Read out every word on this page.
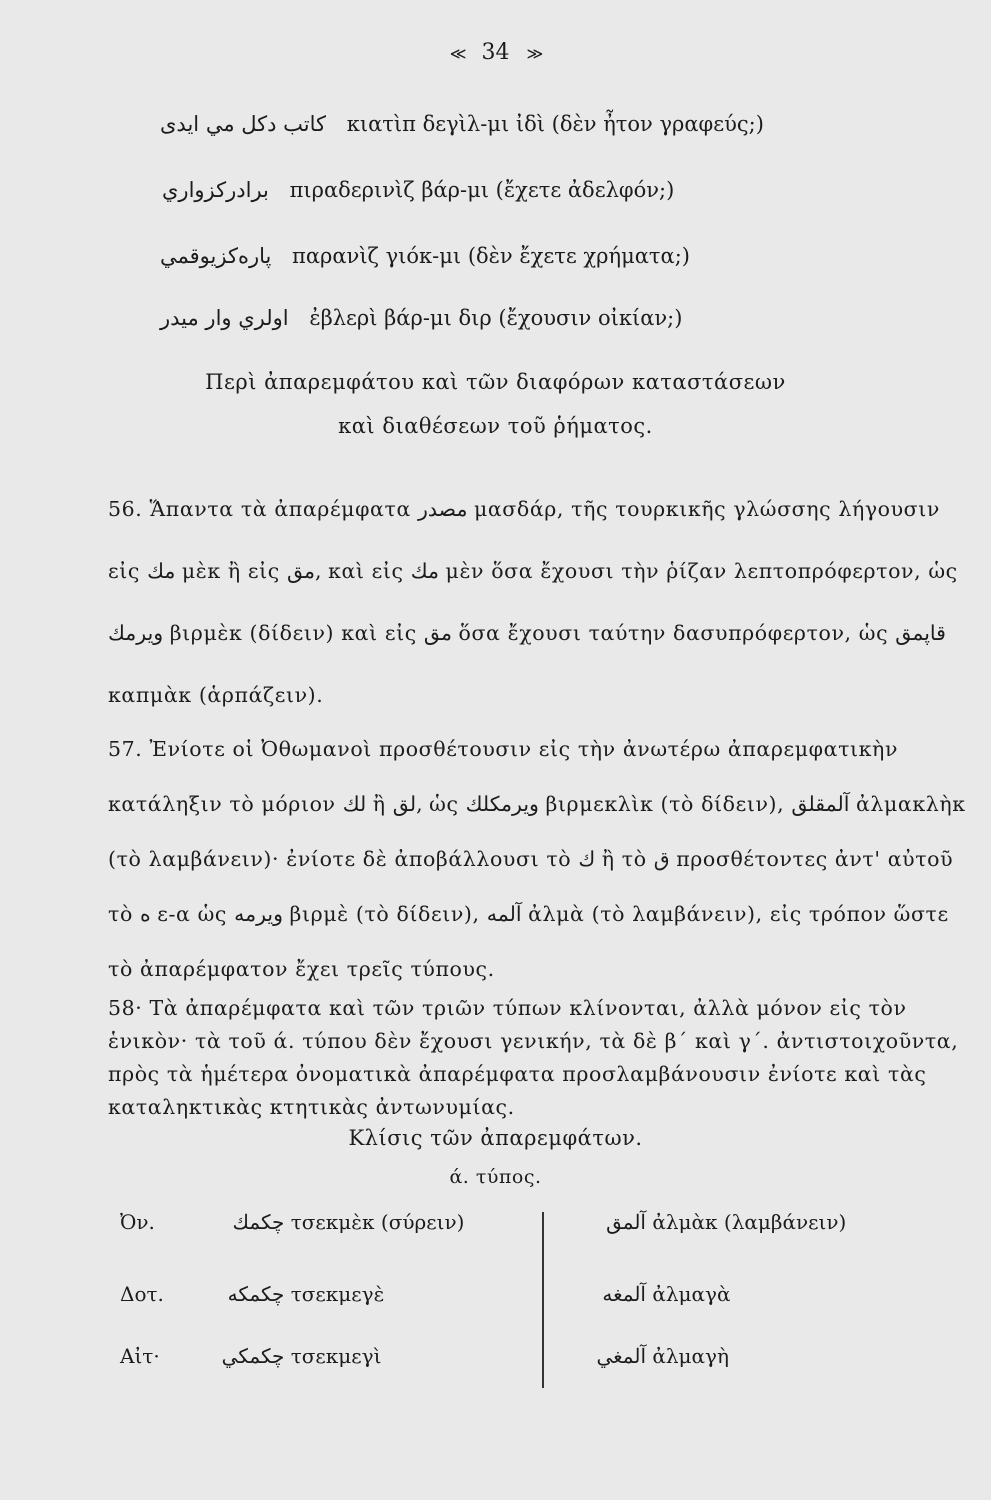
≪ 34 ≫
كاتب دكل مي ايدى κιατὶπ δεγὶλ-μι ἰδὶ (δὲν ἦτον γραφεύς;)
برادركزواري πιραδερινὶζ βάρ-μι (ἔχετε ἀδελφόν;)
پارەكزيوقمي παρανὶζ γιόκ-μι (δὲν ἔχετε χρήματα;)
اولري وار ميدر ἐβλερὶ βάρ-μι διρ (ἔχουσιν οἰκίαν;)
Περὶ ἀπαρεμφάτου καὶ τῶν διαφόρων καταστάσεων
καὶ διαθέσεων τοῦ ῥήματος.
56. Ἅπαντα τὰ ἀπαρέμφατα مصدر μασδάρ, τῆς τουρκικῆς γλώσσης λήγουσιν εἰς مك μὲκ ἢ εἰς مق, καὶ εἰς مك μὲν ὅσα ἔχουσι τὴν ῥίζαν λεπτοπρόφερτον, ὡς ويرمك βιρμὲκ (δίδειν) καὶ εἰς مق ὅσα ἔχουσι ταύτην δασυπρόφερτον, ὡς قاپمق καπμὰκ (ἁρπάζειν).
57. Ἐνίοτε οἱ Ὀθωμανοὶ προσθέτουσιν εἰς τὴν ἀνωτέρω ἀπαρεμφατικὴν κατάληξιν τὸ μόριον لك ἢ لق, ὡς ويرمكلك βιρμεκλὶκ (τὸ δίδειν), آلمقلق ἀλμακλὴκ (τὸ λαμβάνειν)· ἐνίοτε δὲ ἀποβάλλουσι τὸ ك ἢ τὸ ق προσθέτοντες ἀντ' αὐτοῦ τὸ ه ε-α ὡς ويرمه βιρμὲ (τὸ δίδειν), آلمه ἀλμὰ (τὸ λαμβάνειν), εἰς τρόπον ὥστε τὸ ἀπαρέμφατον ἔχει τρεῖς τύπους.
58· Τὰ ἀπαρέμφατα καὶ τῶν τριῶν τύπων κλίνονται, ἀλλὰ μόνον εἰς τὸν ἑνικὸν· τὰ τοῦ ά. τύπου δὲν ἔχουσι γενικήν, τὰ δὲ β΄ καὶ γ΄. ἀντιστοιχοῦντα, πρὸς τὰ ἡμέτερα ὀνοματικὰ ἀπαρέμφατα προσλαμβάνουσιν ἐνίοτε καὶ τὰς καταληκτικὰς κτητικὰς ἀντωνυμίας.
Κλίσις τῶν ἀπαρεμφάτων.
ά. τύπος.
Ὀν.	چكمك τσεκμὲκ (σύρειν)	آلمق ἀλμὰκ (λαμβάνειν)
Δοτ.	چكمكه τσεκμεγὲ	آلمغه ἀλμαγὰ
Αἰτ·	چكمكي τσεκμεγὶ	آلمغي ἀλμαγὴ
